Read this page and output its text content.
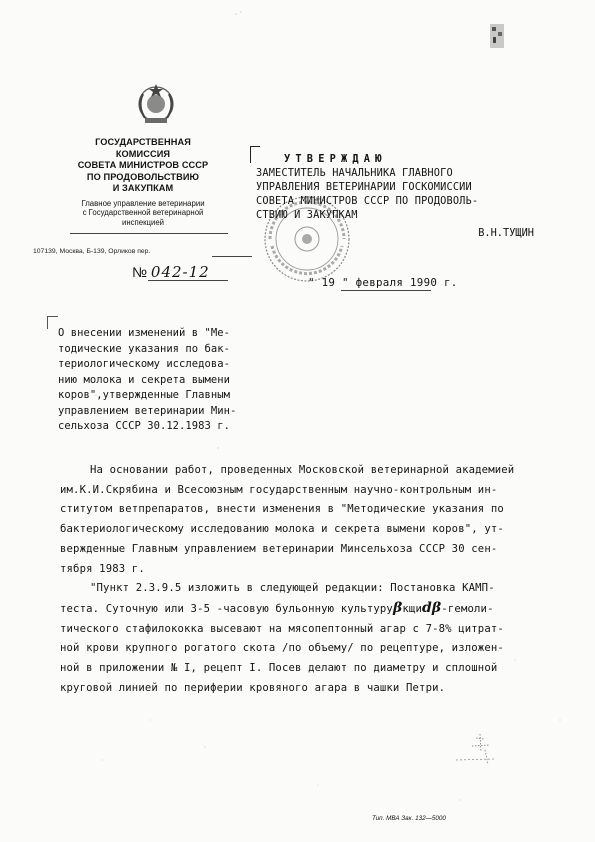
ГОСУДАРСТВЕННАЯ
КОМИССИЯ
СОВЕТА МИНИСТРОВ СССР
ПО ПРОДОВОЛЬСТВИЮ
И ЗАКУПКАМ
Главное управление ветеринарии
с Государственной ветеринарной
инспекцией
107139, Москва, Б-139, Орликов пер.
№ 042-12
УТВЕРЖДАЮ
ЗАМЕСТИТЕЛЬ НАЧАЛЬНИКА ГЛАВНОГО
УПРАВЛЕНИЯ ВЕТЕРИНАРИИ ГОСКОМИССИИ
СОВЕТА МИНИСТРОВ СССР ПО ПРОДОВОЛЬ-
СТВИЮ И ЗАКУПКАМ
В.Н.ТУЩИН
" 19 " февраля 1990 г.
О внесении изменений в "Ме-
тодические указания по бак-
териологическому исследова-
нию молока и секрета вымени
коров",утвержденные Главным
управлением ветеринарии Мин-
сельхоза СССР 30.12.1983 г.
На основании работ, проведенных Московской ветеринарной академией
им.К.И.Скрябина и Всесоюзным государственным научно-контрольным ин-
ститутом ветпрепаратов, внести изменения в "Методические указания по
бактериологическому исследованию молока и секрета вымени коров", ут-
вержденные Главным управлением ветеринарии Минсельхоза СССР 30 сен-
тября 1983 г.
"Пункт 2.3.9.5 изложить в следующей редакции: Постановка КАМП-
теста. Суточную или 3-5 -часовую бульонную культуруβкщиdβ-гемоли-
тического стафилококка высевают на мясопептонный агар с 7-8% цитрат-
ной крови крупного рогатого скота /по объему/ по рецептуре, изложен-
ной в приложении № I, рецепт I. Посев делают по диаметру и сплошной
круговой линией по периферии кровяного агара в чашки Петри.
Тип. МВА Зак. 132—5000
